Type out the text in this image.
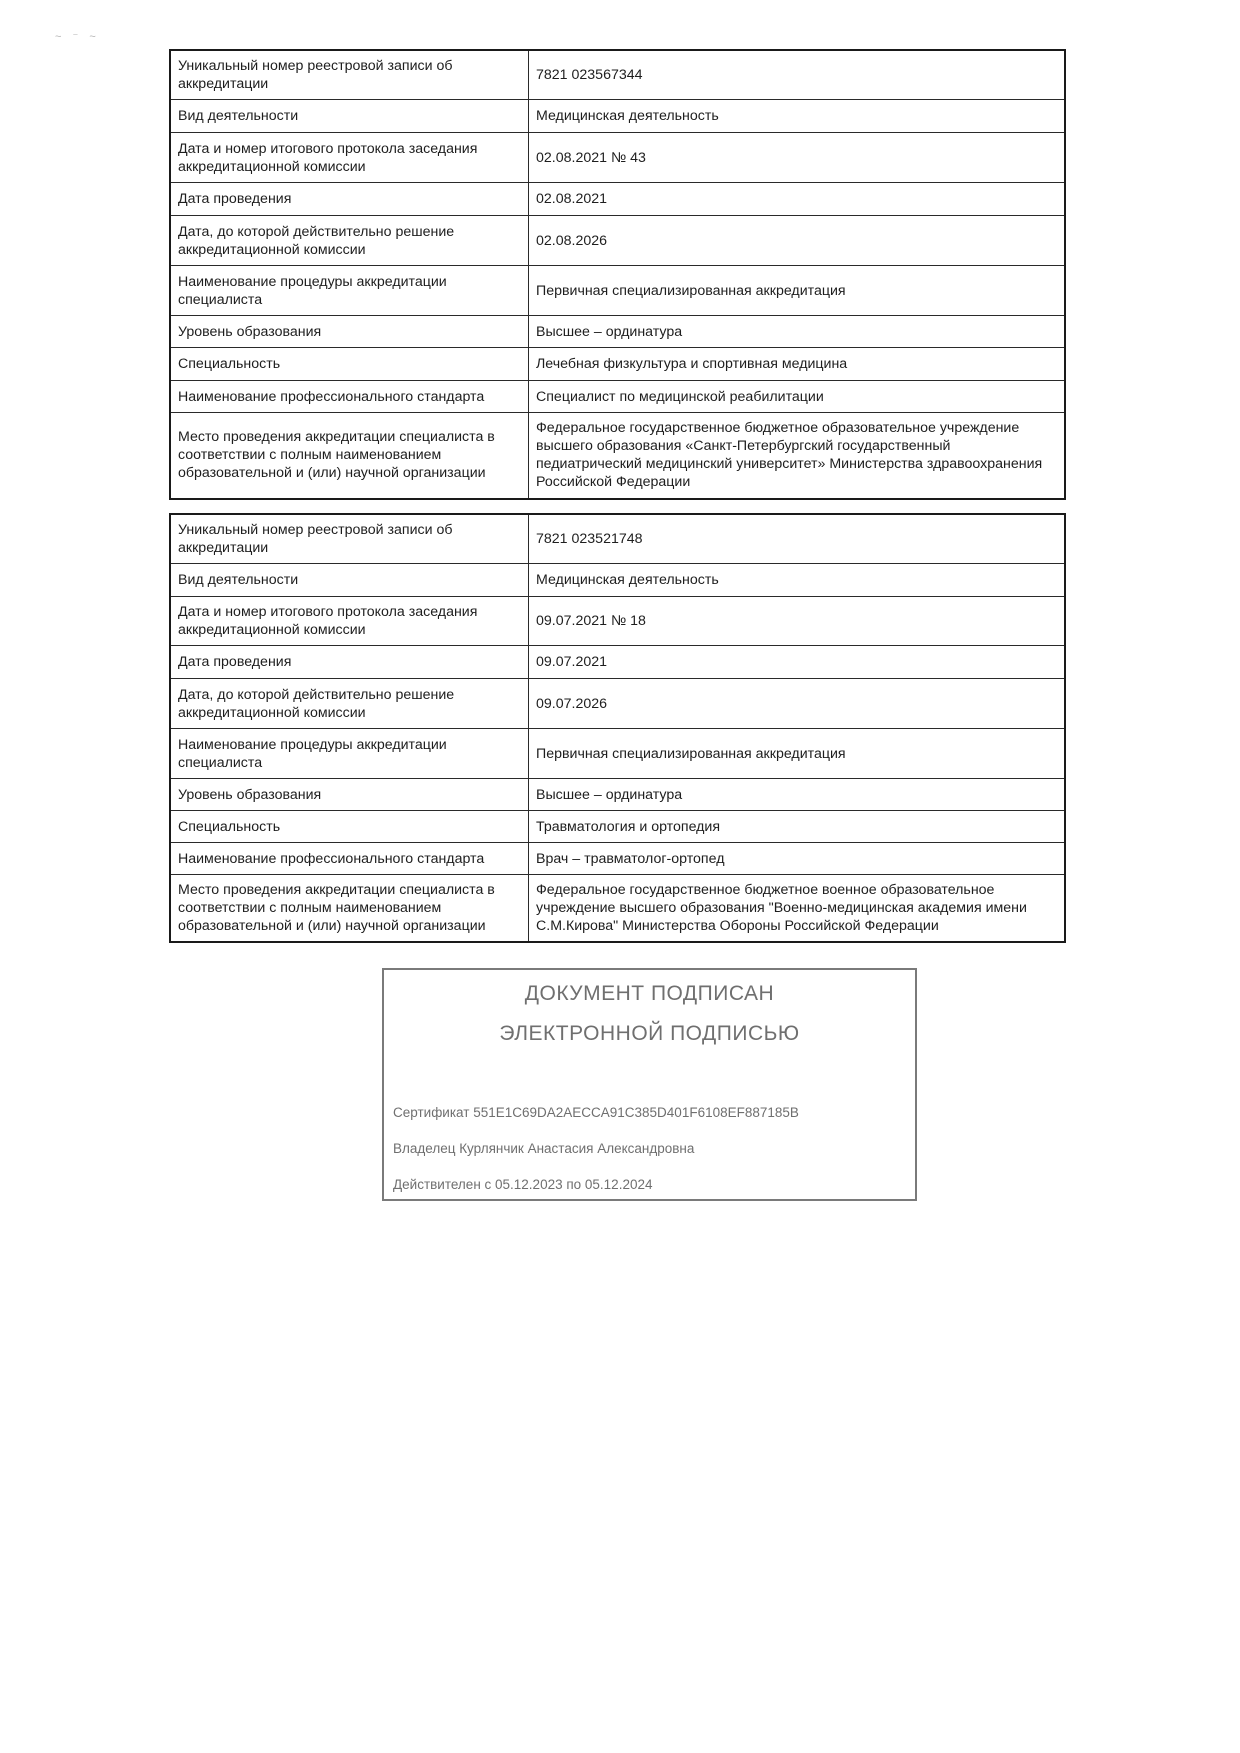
~ ⁻ ~
Уникальный номер реестровой записи об аккредитации	7821 023567344
Вид деятельности	Медицинская деятельность
Дата и номер итогового протокола заседания аккредитационной комиссии	02.08.2021 № 43
Дата проведения	02.08.2021
Дата, до которой действительно решение аккредитационной комиссии	02.08.2026
Наименование процедуры аккредитации специалиста	Первичная специализированная аккредитация
Уровень образования	Высшее – ординатура
Специальность	Лечебная физкультура и спортивная медицина
Наименование профессионального стандарта	Специалист по медицинской реабилитации
Место проведения аккредитации специалиста в соответствии с полным наименованием образовательной и (или) научной организации	Федеральное государственное бюджетное образовательное учреждение высшего образования «Санкт-Петербургский государственный педиатрический медицинский университет» Министерства здравоохранения Российской Федерации
Уникальный номер реестровой записи об аккредитации	7821 023521748
Вид деятельности	Медицинская деятельность
Дата и номер итогового протокола заседания аккредитационной комиссии	09.07.2021 № 18
Дата проведения	09.07.2021
Дата, до которой действительно решение аккредитационной комиссии	09.07.2026
Наименование процедуры аккредитации специалиста	Первичная специализированная аккредитация
Уровень образования	Высшее – ординатура
Специальность	Травматология и ортопедия
Наименование профессионального стандарта	Врач – травматолог-ортопед
Место проведения аккредитации специалиста в соответствии с полным наименованием образовательной и (или) научной организации	Федеральное государственное бюджетное военное образовательное учреждение высшего образования "Военно-медицинская академия имени С.М.Кирова" Министерства Обороны Российской Федерации
ДОКУМЕНТ ПОДПИСАН
ЭЛЕКТРОННОЙ ПОДПИСЬЮ
Сертификат 551E1C69DA2AECCA91C385D401F6108EF887185B
Владелец Курлянчик Анастасия Александровна
Действителен с 05.12.2023 по 05.12.2024
